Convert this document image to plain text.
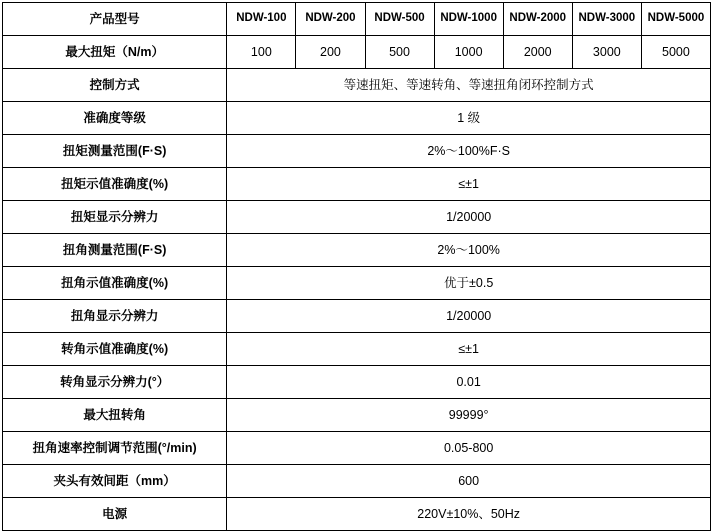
产品型号	NDW-100	NDW-200	NDW-500	NDW-1000	NDW-2000	NDW-3000	NDW-5000
最大扭矩（N/m）	100	200	500	1000	2000	3000	5000
控制方式	等速扭矩、等速转角、等速扭角闭环控制方式						
准确度等级	1 级						
扭矩测量范围(F·S)	2%～100%F·S						
扭矩示值准确度(%)	≤±1						
扭矩显示分辨力	1/20000						
扭角测量范围(F·S)	2%～100%						
扭角示值准确度(%)	优于±0.5						
扭角显示分辨力	1/20000						
转角示值准确度(%)	≤±1						
转角显示分辨力(°）	0.01						
最大扭转角	99999°						
扭角速率控制调节范围(°/min)	0.05-800						
夹头有效间距（mm）	600						
电源	220V±10%、50Hz						
